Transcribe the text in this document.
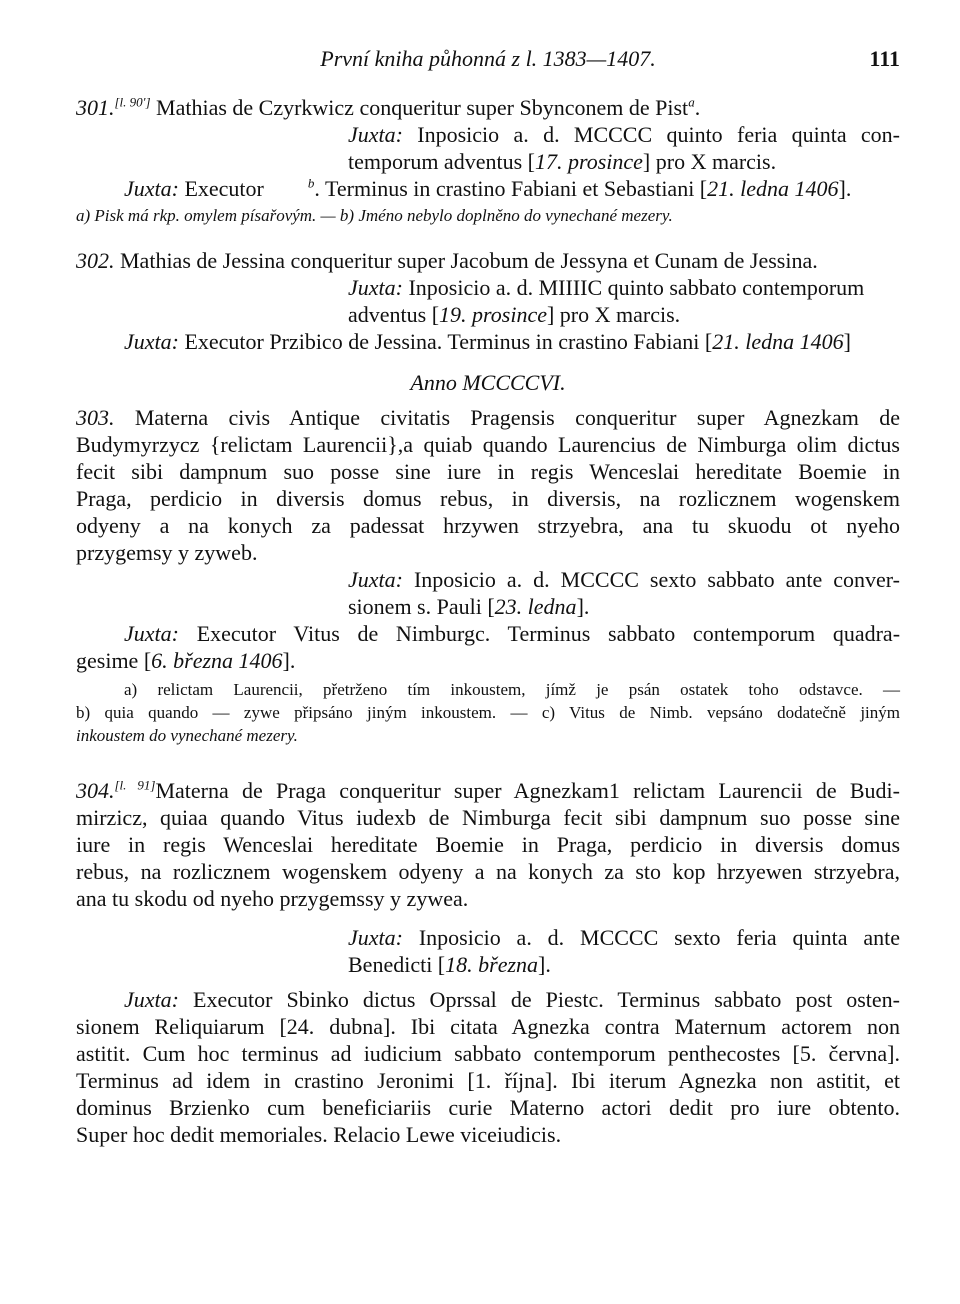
První kniha půhonná z l. 1383—1407.	111
301.[l. 90'] Mathias de Czyrkwicz conqueritur super Sbynconem de Pist$^a$.
Juxta: Inposicio a. d. MCCCC quinto feria quinta con-
temporum adventus [17. prosince] pro X marcis.
Juxta: Executor	$^b$. Terminus in crastino Fabiani et Sebastiani [21. ledna 1406].
a) Pisk má rkp. omylem písařovým. — b) Jméno nebylo doplněno do vynechané mezery.
302. Mathias de Jessina conqueritur super Jacobum de Jessyna et Cunam de Jessina.
Juxta: Inposicio a. d. MIIIIC quinto sabbato contemporum
adventus [19. prosince] pro X marcis.
Juxta: Executor Przibico de Jessina. Terminus in crastino Fabiani [21. ledna 1406]
Anno MCCCCVI.
303. Materna civis Antique civitatis Pragensis conqueritur super Agnezkam de
Budymyrzycz {relictam Laurencii},a quiab quando Laurencius de Nimburga olim dictus
fecit sibi dampnum suo posse sine iure in regis Wenceslai hereditate Boemie in
Praga, perdicio in diversis domus rebus, in diversis, na rozlicznem wogenskem
odyeny a na konych za padessat hrzywen strzyebra, ana tu skuodu ot nyeho
przygemsy y zyweb.
Juxta: Inposicio a. d. MCCCC sexto sabbato ante conver-
sionem s. Pauli [23. ledna].
Juxta: Executor Vitus de Nimburgc. Terminus sabbato contemporum quadra-
gesime [6. března 1406].
a) relictam Laurencii, přetrženo tím inkoustem, jímž je psán ostatek toho odstavce. —
b) quia quando — zywe připsáno jiným inkoustem. — c) Vitus de Nimb. vepsáno dodatečně jiným
inkoustem do vynechané mezery.
304.[l. 91]Materna de Praga conqueritur super Agnezkam1 relictam Laurencii de Budi-
mirzicz, quiaa quando Vitus iudexb de Nimburga fecit sibi dampnum suo posse sine
iure in regis Wenceslai hereditate Boemie in Praga, perdicio in diversis domus
rebus, na rozlicznem wogenskem odyeny a na konych za sto kop hrzyewen strzyebra,
ana tu skodu od nyeho przygemssy y zywea.
Juxta: Inposicio a. d. MCCCC sexto feria quinta ante
Benedicti [18. března].
Juxta: Executor Sbinko dictus Oprssal de Piestc. Terminus sabbato post osten-
sionem Reliquiarum [24. dubna]. Ibi citata Agnezka contra Maternum actorem non
astitit. Cum hoc terminus ad iudicium sabbato contemporum penthecostes [5. června].
Terminus ad idem in crastino Jeronimi [1. října]. Ibi iterum Agnezka non astitit, et
dominus Brzienko cum beneficiariis curie Materno actori dedit pro iure obtento.
Super hoc dedit memoriales. Relacio Lewe viceiudicis.
